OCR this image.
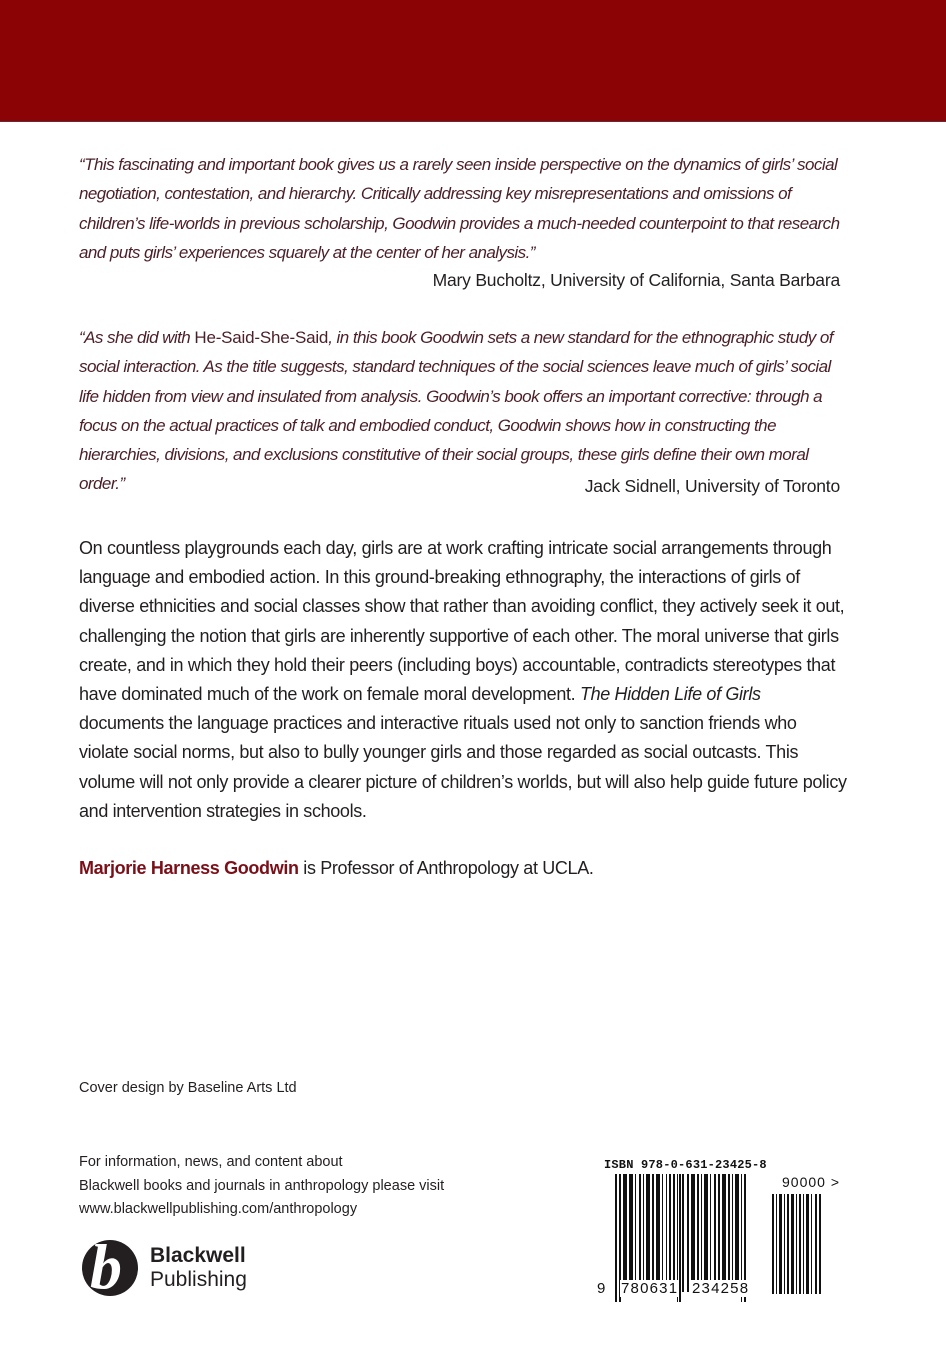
“This fascinating and important book gives us a rarely seen inside perspective on the dynamics of girls’ social negotiation, contestation, and hierarchy. Critically addressing key misrepresentations and omissions of children’s life-worlds in previous scholarship, Goodwin provides a much-needed counterpoint to that research and puts girls’ experiences squarely at the center of her analysis.”
Mary Bucholtz, University of California, Santa Barbara
“As she did with He-Said-She-Said, in this book Goodwin sets a new standard for the ethnographic study of social interaction. As the title suggests, standard techniques of the social sciences leave much of girls’ social life hidden from view and insulated from analysis. Goodwin’s book offers an important corrective: through a focus on the actual practices of talk and embodied conduct, Goodwin shows how in constructing the hierarchies, divisions, and exclusions constitutive of their social groups, these girls define their own moral order.”	Jack Sidnell, University of Toronto
On countless playgrounds each day, girls are at work crafting intricate social arrangements through language and embodied action. In this ground-breaking ethnography, the interactions of girls of diverse ethnicities and social classes show that rather than avoiding conflict, they actively seek it out, challenging the notion that girls are inherently supportive of each other. The moral universe that girls create, and in which they hold their peers (including boys) accountable, contradicts stereotypes that have dominated much of the work on female moral development. The Hidden Life of Girls documents the language practices and interactive rituals used not only to sanction friends who violate social norms, but also to bully younger girls and those regarded as social outcasts. This volume will not only provide a clearer picture of children’s worlds, but will also help guide future policy and intervention strategies in schools.
Marjorie Harness Goodwin is Professor of Anthropology at UCLA.
Cover design by Baseline Arts Ltd
For information, news, and content about
Blackwell books and journals in anthropology please visit
www.blackwellpublishing.com/anthropology
b Blackwell
Publishing
ISBN 978-0-631-23425-8
90000 >
9 780631 234258
